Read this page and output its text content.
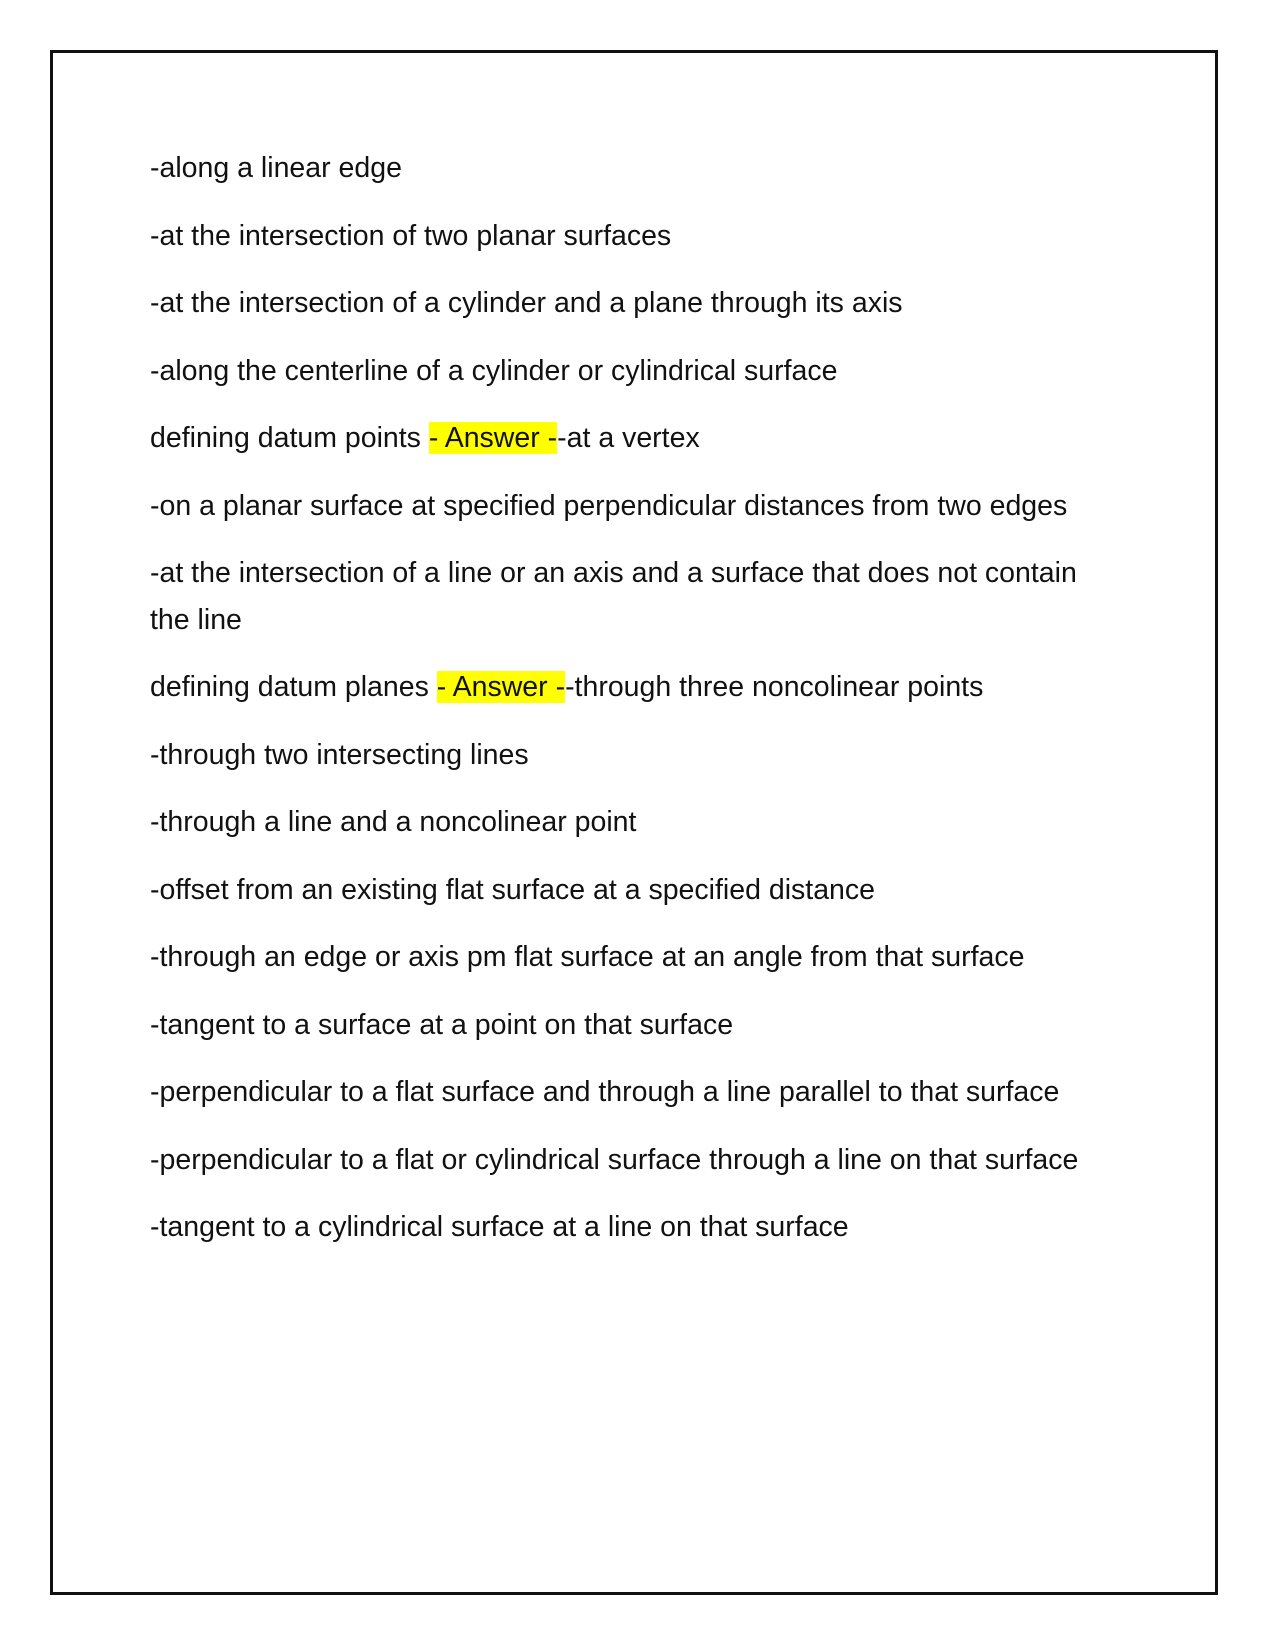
-along a linear edge

-at the intersection of two planar surfaces

-at the intersection of a cylinder and a plane through its axis

-along the centerline of a cylinder or cylindrical surface

defining datum points - Answer --at a vertex

-on a planar surface at specified perpendicular distances from two edges

-at the intersection of a line or an axis and a surface that does not contain the line

defining datum planes - Answer --through three noncolinear points

-through two intersecting lines

-through a line and a noncolinear point

-offset from an existing flat surface at a specified distance

-through an edge or axis pm flat surface at an angle from that surface

-tangent to a surface at a point on that surface

-perpendicular to a flat surface and through a line parallel to that surface

-perpendicular to a flat or cylindrical surface through a line on that surface

-tangent to a cylindrical surface at a line on that surface
